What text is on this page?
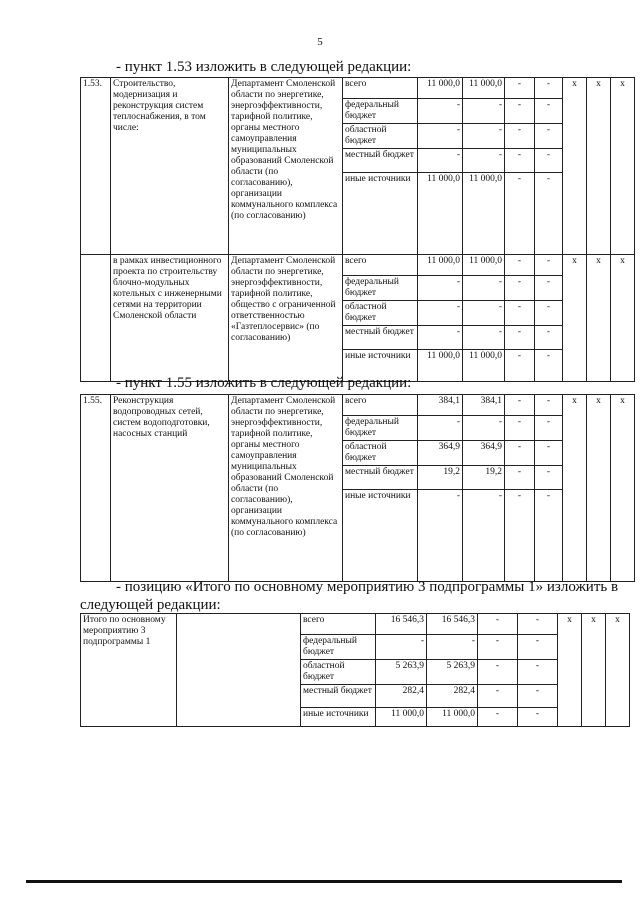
5
- пункт 1.53 изложить в следующей редакции:
1.53.	Строительство, модернизация и реконструкция систем теплоснабжения, в том числе:	Департамент Смоленской области по энергетике, энергоэффективности, тарифной политике, органы местного самоуправления муниципальных образований Смоленской области (по согласованию), организации коммунального комплекса (по согласованию)	всего	11 000,0	11 000,0	-	-	x	x	x
			федеральный бюджет	-	-	-	-			
			областной бюджет	-	-	-	-			
			местный бюджет	-	-	-	-			
			иные источники	11 000,0	11 000,0	-	-			
	в рамках инвестиционного проекта по строительству блочно-модульных котельных с инженерными сетями на территории Смоленской области	Департамент Смоленской области по энергетике, энергоэффективности, тарифной политике, общество с ограниченной ответственностью «Газтеплосервис» (по согласованию)	всего	11 000,0	11 000,0	-	-	x	x	x
			федеральный бюджет	-	-	-	-			
			областной бюджет	-	-	-	-			
			местный бюджет	-	-	-	-			
			иные источники	11 000,0	11 000,0	-	-			
- пункт 1.55 изложить в следующей редакции:
1.55.	Реконструкция водопроводных сетей, систем водоподготовки, насосных станций	Департамент Смоленской области по энергетике, энергоэффективности, тарифной политике, органы местного самоуправления муниципальных образований Смоленской области (по согласованию), организации коммунального комплекса (по согласованию)	всего	384,1	384,1	-	-	x	x	x
			федеральный бюджет	-	-	-	-			
			областной бюджет	364,9	364,9	-	-			
			местный бюджет	19,2	19,2	-	-			
			иные источники	-	-	-	-			
- позицию «Итого по основному мероприятию 3 подпрограммы 1» изложить в
следующей редакции:
Итого по основному мероприятию 3 подпрограммы 1		всего	16 546,3	16 546,3	-	-	x	x	x
		федеральный бюджет	-	-	-	-			
		областной бюджет	5 263,9	5 263,9	-	-			
		местный бюджет	282,4	282,4	-	-			
		иные источники	11 000,0	11 000,0	-	-			
